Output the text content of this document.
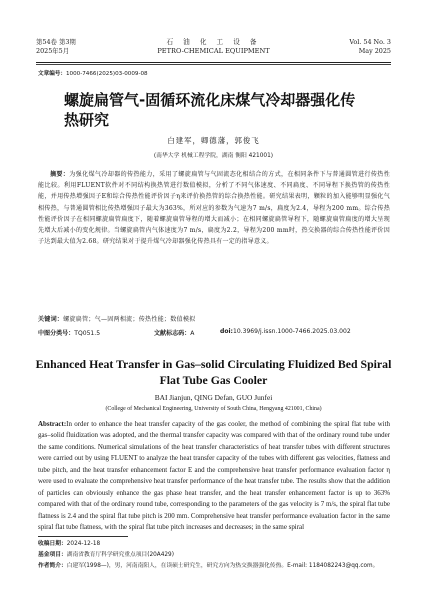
第54卷 第3期
2025年5月
石 油 化 工 设 备
PETRO-CHEMICAL EQUIPMENT
Vol. 54 No. 3
May 2025
文章编号：1000-7466(2025)03-0009-08
螺旋扁管气-固循环流化床煤气冷却器强化传热研究
白建军，卿德藩，郭俊飞
(南华大学 机械工程学院，湖南 衡阳 421001)
摘要：为强化煤气冷却器的传热能力，采用了螺旋扁管与气固流态化相结合的方式，在相同条件下与普通圆管进行传热性能比较。利用FLUENT软件对不同结构换热管进行数值模拟，分析了不同气体速度、不同扁度、不同导程下换热管的传热性能，并用传热增强因子E和综合传热性能评价因子η来评价换热管的综合换热性能。研究结果表明，颗粒的加入能够明显强化气相传热，与普通圆管相比传热增强因子最大为363%，所对应的参数为气速为7 m/s，扁度为2.4，导程为200 mm。综合传热性能评价因子在相同螺旋扁管扁度下，随着螺旋扁管导程的增大而减小；在相同螺旋扁管导程下，随螺旋扁管扁度的增大呈现先增大后减小的变化规律。当螺旋扁管内气体速度为7 m/s，扁度为2.2，导程为200 mm时，热交换器的综合传热性能评价因子达到最大值为2.68。研究结果对于提升煤气冷却器强化传热具有一定的指导意义。
关键词：螺旋扁管；气—固两相流；传热性能；数值模拟
中图分类号：TQ051.5	文献标志码：A	doi:10.3969/j.issn.1000-7466.2025.03.002
Enhanced Heat Transfer in Gas–solid Circulating Fluidized Bed Spiral Flat Tube Gas Cooler
BAI Jianjun, QING Defan, GUO Junfei
(College of Mechanical Engineering, University of South China, Hengyang 421001, China)
Abstract:In order to enhance the heat transfer capacity of the gas cooler, the method of combining the spiral flat tube with gas–solid fluidization was adopted, and the thermal transfer capacity was compared with that of the ordinary round tube under the same conditions. Numerical simulations of the heat transfer characteristics of heat transfer tubes with different structures were carried out by using FLUENT to analyze the heat transfer capacity of the tubes with different gas velocities, flatness and tube pitch, and the heat transfer enhancement factor E and the comprehensive heat transfer performance evaluation factor η were used to evaluate the comprehensive heat transfer performance of the heat transfer tube. The results show that the addition of particles can obviously enhance the gas phase heat transfer, and the heat transfer enhancement factor is up to 363% compared with that of the ordinary round tube, corresponding to the parameters of the gas velocity is 7 m/s, the spiral flat tube flatness is 2.4 and the spiral flat tube pitch is 200 mm. Comprehensive heat transfer performance evaluation factor in the same spiral flat tube flatness, with the spiral flat tube pitch increases and decreases; in the same spiral
收稿日期：2024-12-18
基金项目：湖南省教育厅科学研究重点项目(20A429)
作者简介：白建军(1998—)，男，河南南阳人，在读硕士研究生，研究方向为热交换器强化传热。E-mail: 1184082243@qq.com。
